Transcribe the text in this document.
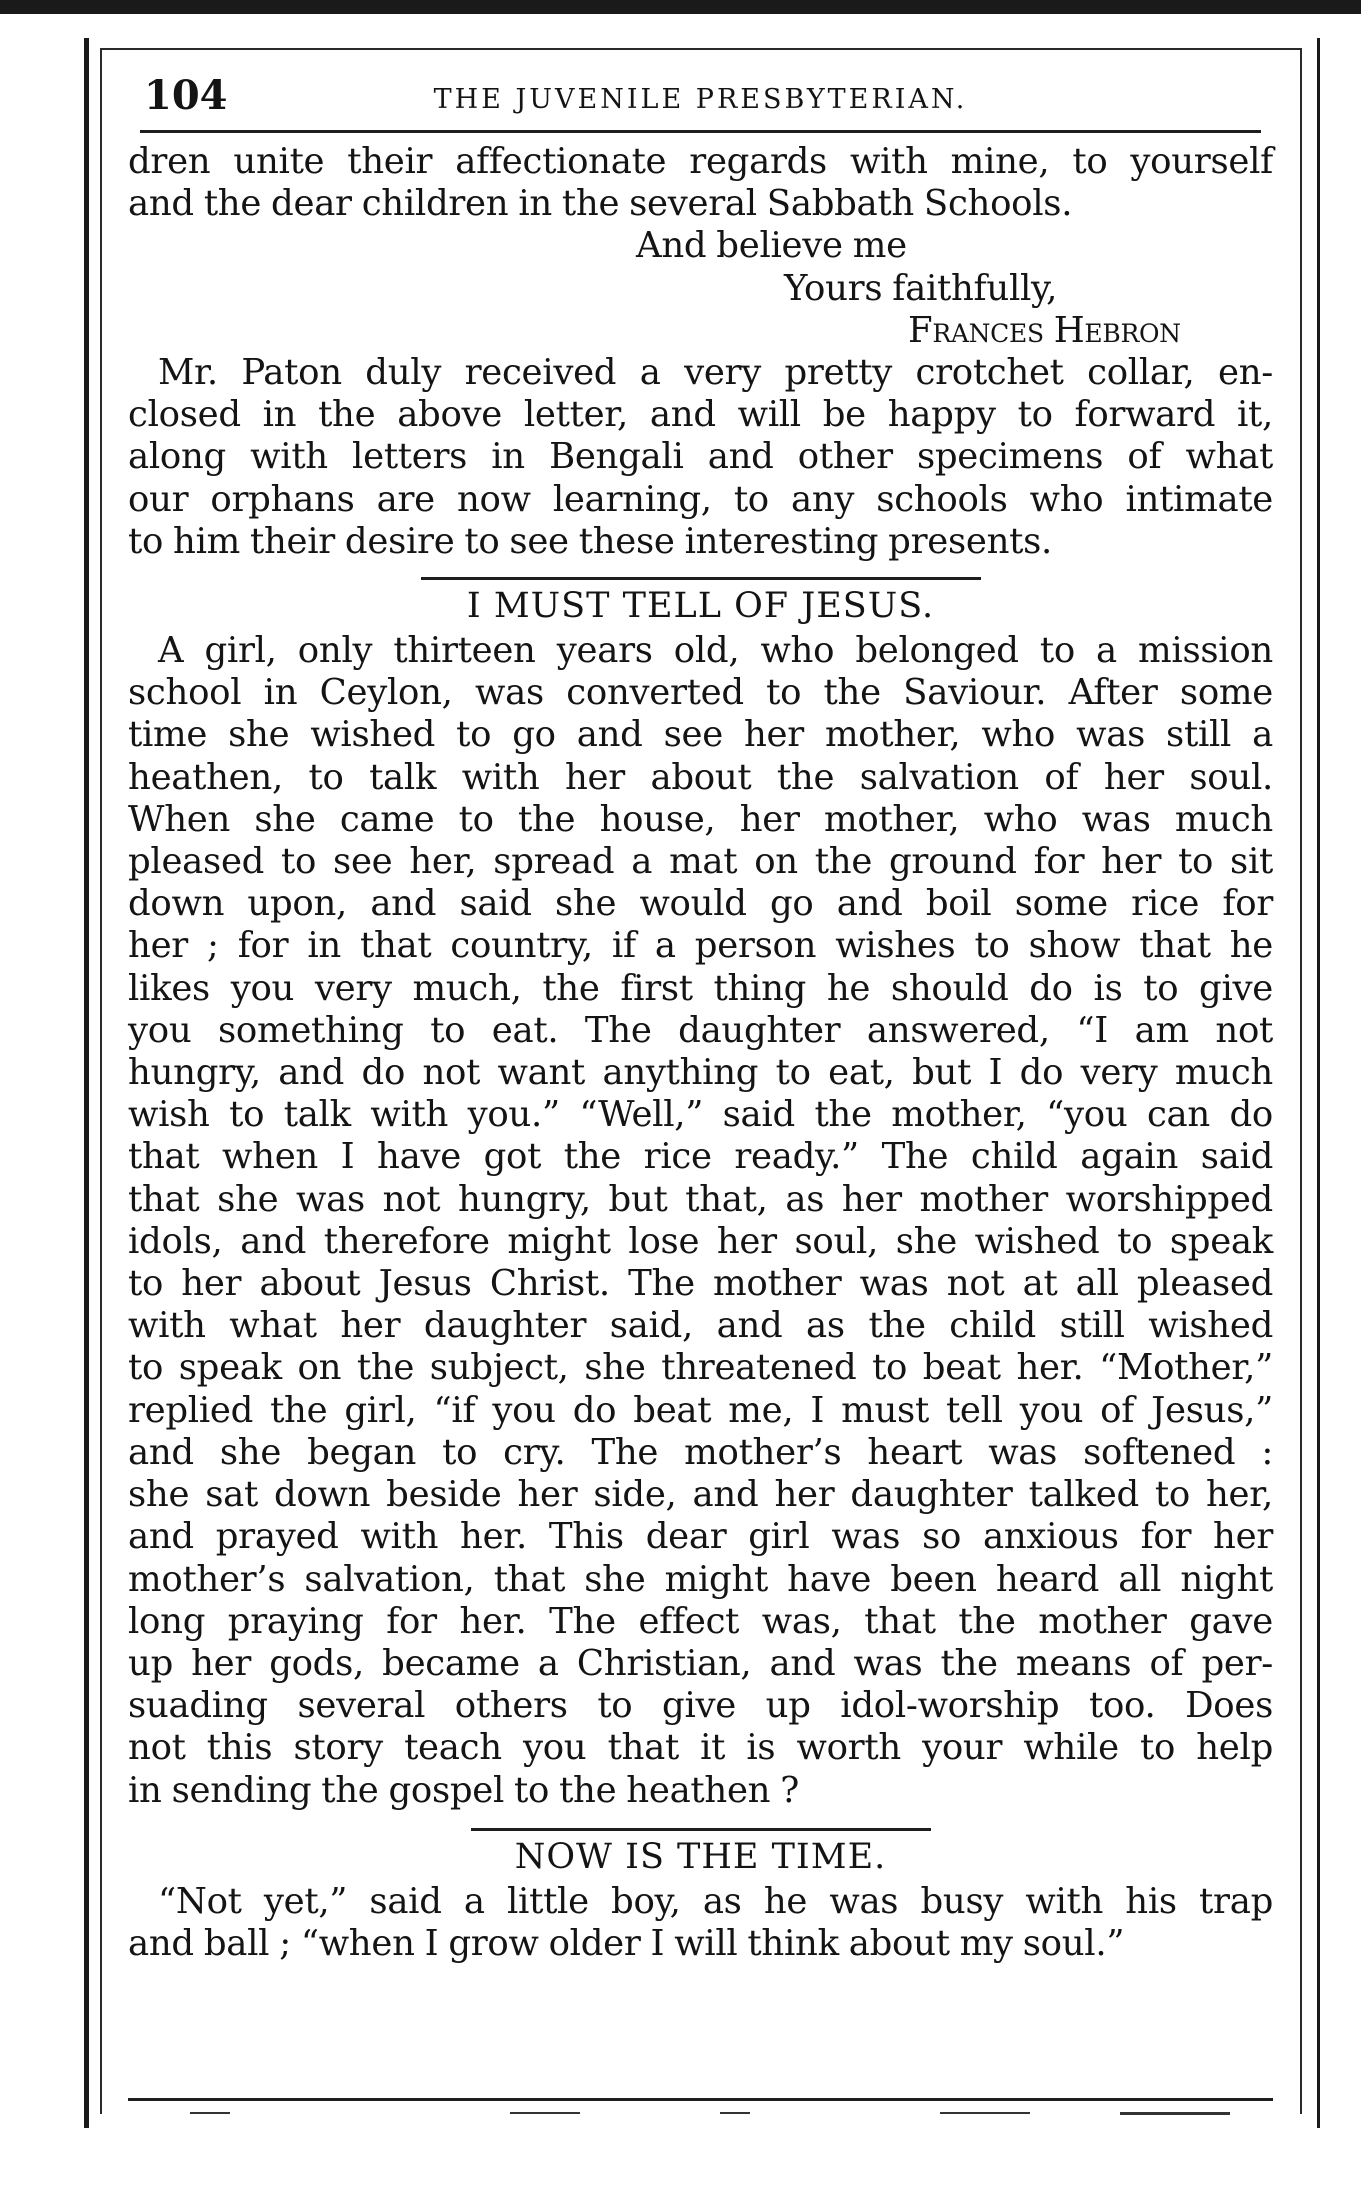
104	THE JUVENILE PRESBYTERIAN.
dren unite their affectionate regards with mine, to yourself
and the dear children in the several Sabbath Schools.
And believe me
Yours faithfully,
Frances Hebron
Mr. Paton duly received a very pretty crotchet collar, en-
closed in the above letter, and will be happy to forward it,
along with letters in Bengali and other specimens of what
our orphans are now learning, to any schools who intimate
to him their desire to see these interesting presents.
I MUST TELL OF JESUS.
A girl, only thirteen years old, who belonged to a mission
school in Ceylon, was converted to the Saviour. After some
time she wished to go and see her mother, who was still a
heathen, to talk with her about the salvation of her soul.
When she came to the house, her mother, who was much
pleased to see her, spread a mat on the ground for her to sit
down upon, and said she would go and boil some rice for
her ; for in that country, if a person wishes to show that he
likes you very much, the first thing he should do is to give
you something to eat. The daughter answered, “I am not
hungry, and do not want anything to eat, but I do very much
wish to talk with you.” “Well,” said the mother, “you can do
that when I have got the rice ready.” The child again said
that she was not hungry, but that, as her mother worshipped
idols, and therefore might lose her soul, she wished to speak
to her about Jesus Christ. The mother was not at all pleased
with what her daughter said, and as the child still wished
to speak on the subject, she threatened to beat her. “Mother,”
replied the girl, “if you do beat me, I must tell you of Jesus,”
and she began to cry. The mother’s heart was softened :
she sat down beside her side, and her daughter talked to her,
and prayed with her. This dear girl was so anxious for her
mother’s salvation, that she might have been heard all night
long praying for her. The effect was, that the mother gave
up her gods, became a Christian, and was the means of per-
suading several others to give up idol-worship too. Does
not this story teach you that it is worth your while to help
in sending the gospel to the heathen ?
NOW IS THE TIME.
“Not yet,” said a little boy, as he was busy with his trap
and ball ; “when I grow older I will think about my soul.”
